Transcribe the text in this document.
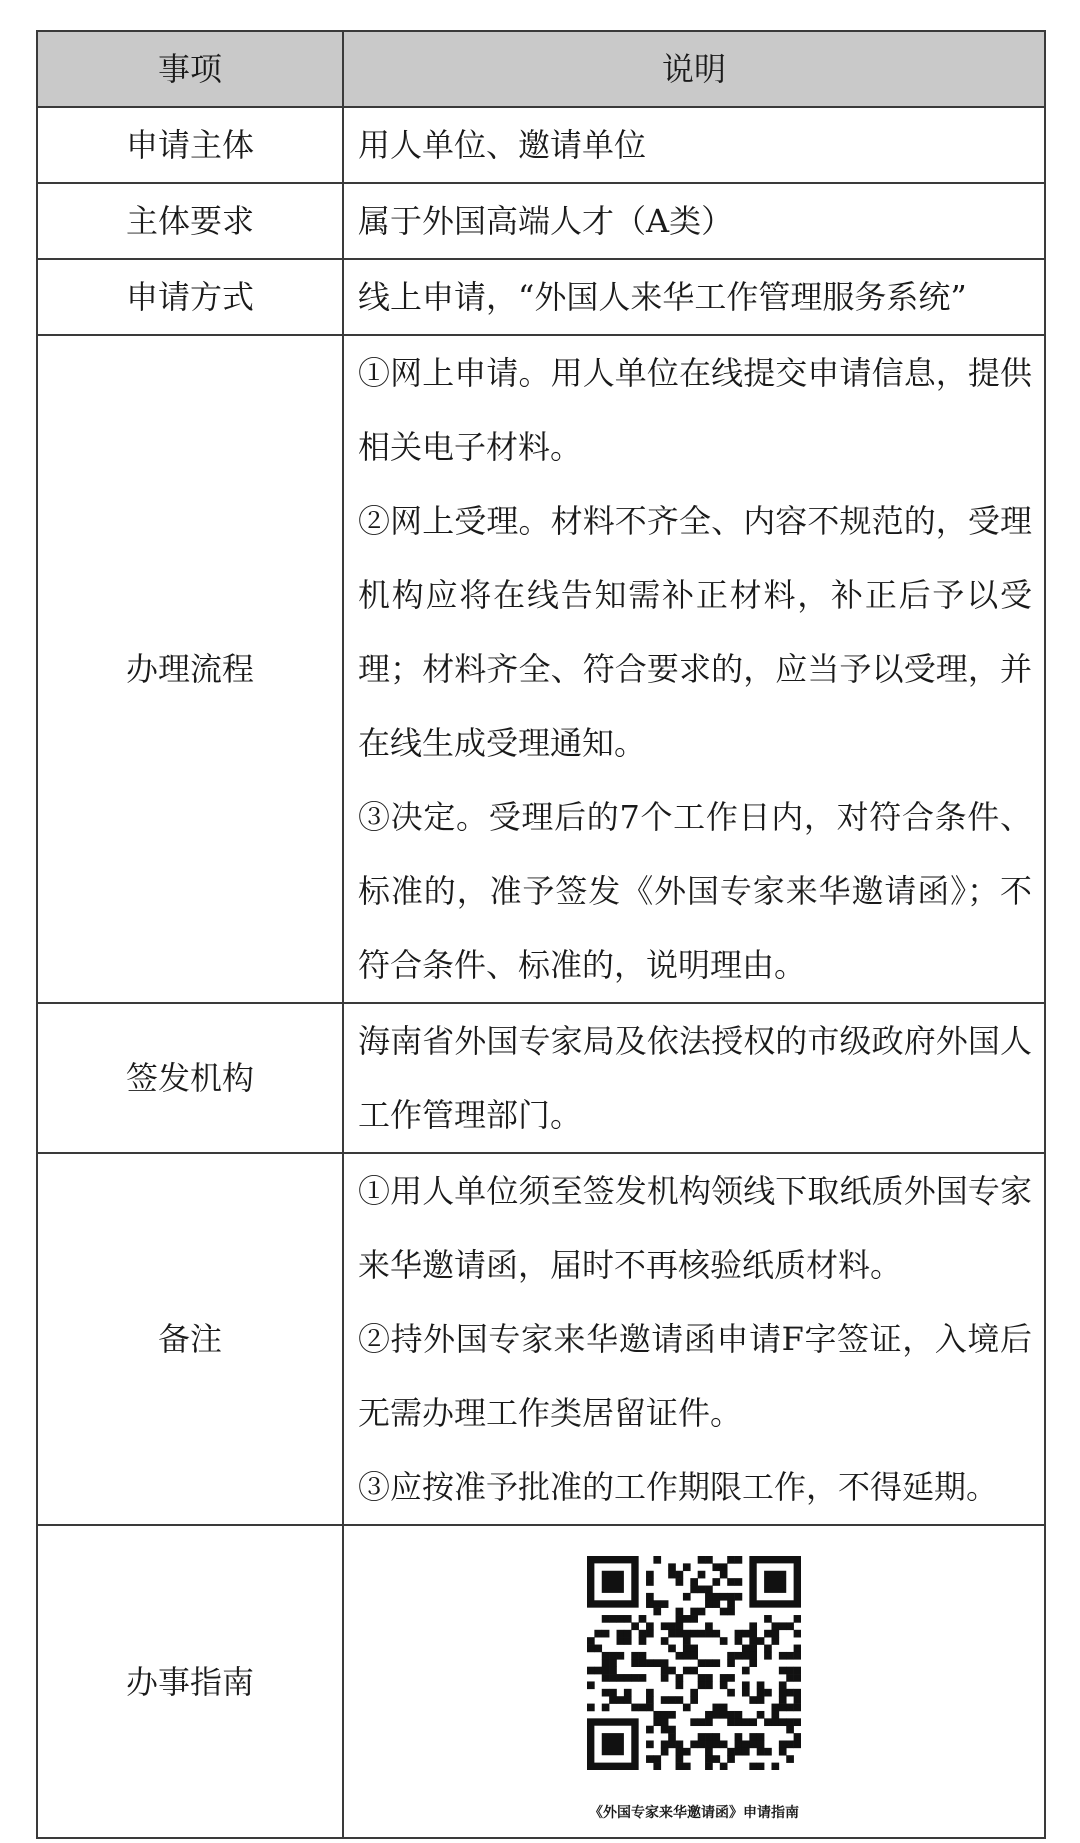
事项	说明
申请主体	用人单位、邀请单位
主体要求	属于外国高端人才（A类）
申请方式	线上申请，“外国人来华工作管理服务系统”
办理流程	①网上申请。用人单位在线提交申请信息，提供相关电子材料。

②网上受理。材料不齐全、内容不规范的，受理机构应将在线告知需补正材料，补正后予以受理；材料齐全、符合要求的，应当予以受理，并在线生成受理通知。

③决定。受理后的7个工作日内，对符合条件、标准的，准予签发《外国专家来华邀请函》；不符合条件、标准的，说明理由。

签发机构	海南省外国专家局及依法授权的市级政府外国人工作管理部门。
备注	①用人单位须至签发机构领线下取纸质外国专家来华邀请函，届时不再核验纸质材料。

②持外国专家来华邀请函申请F字签证，入境后无需办理工作类居留证件。

③应按准予批准的工作期限工作，不得延期。

办事指南	《外国专家来华邀请函》申请指南
